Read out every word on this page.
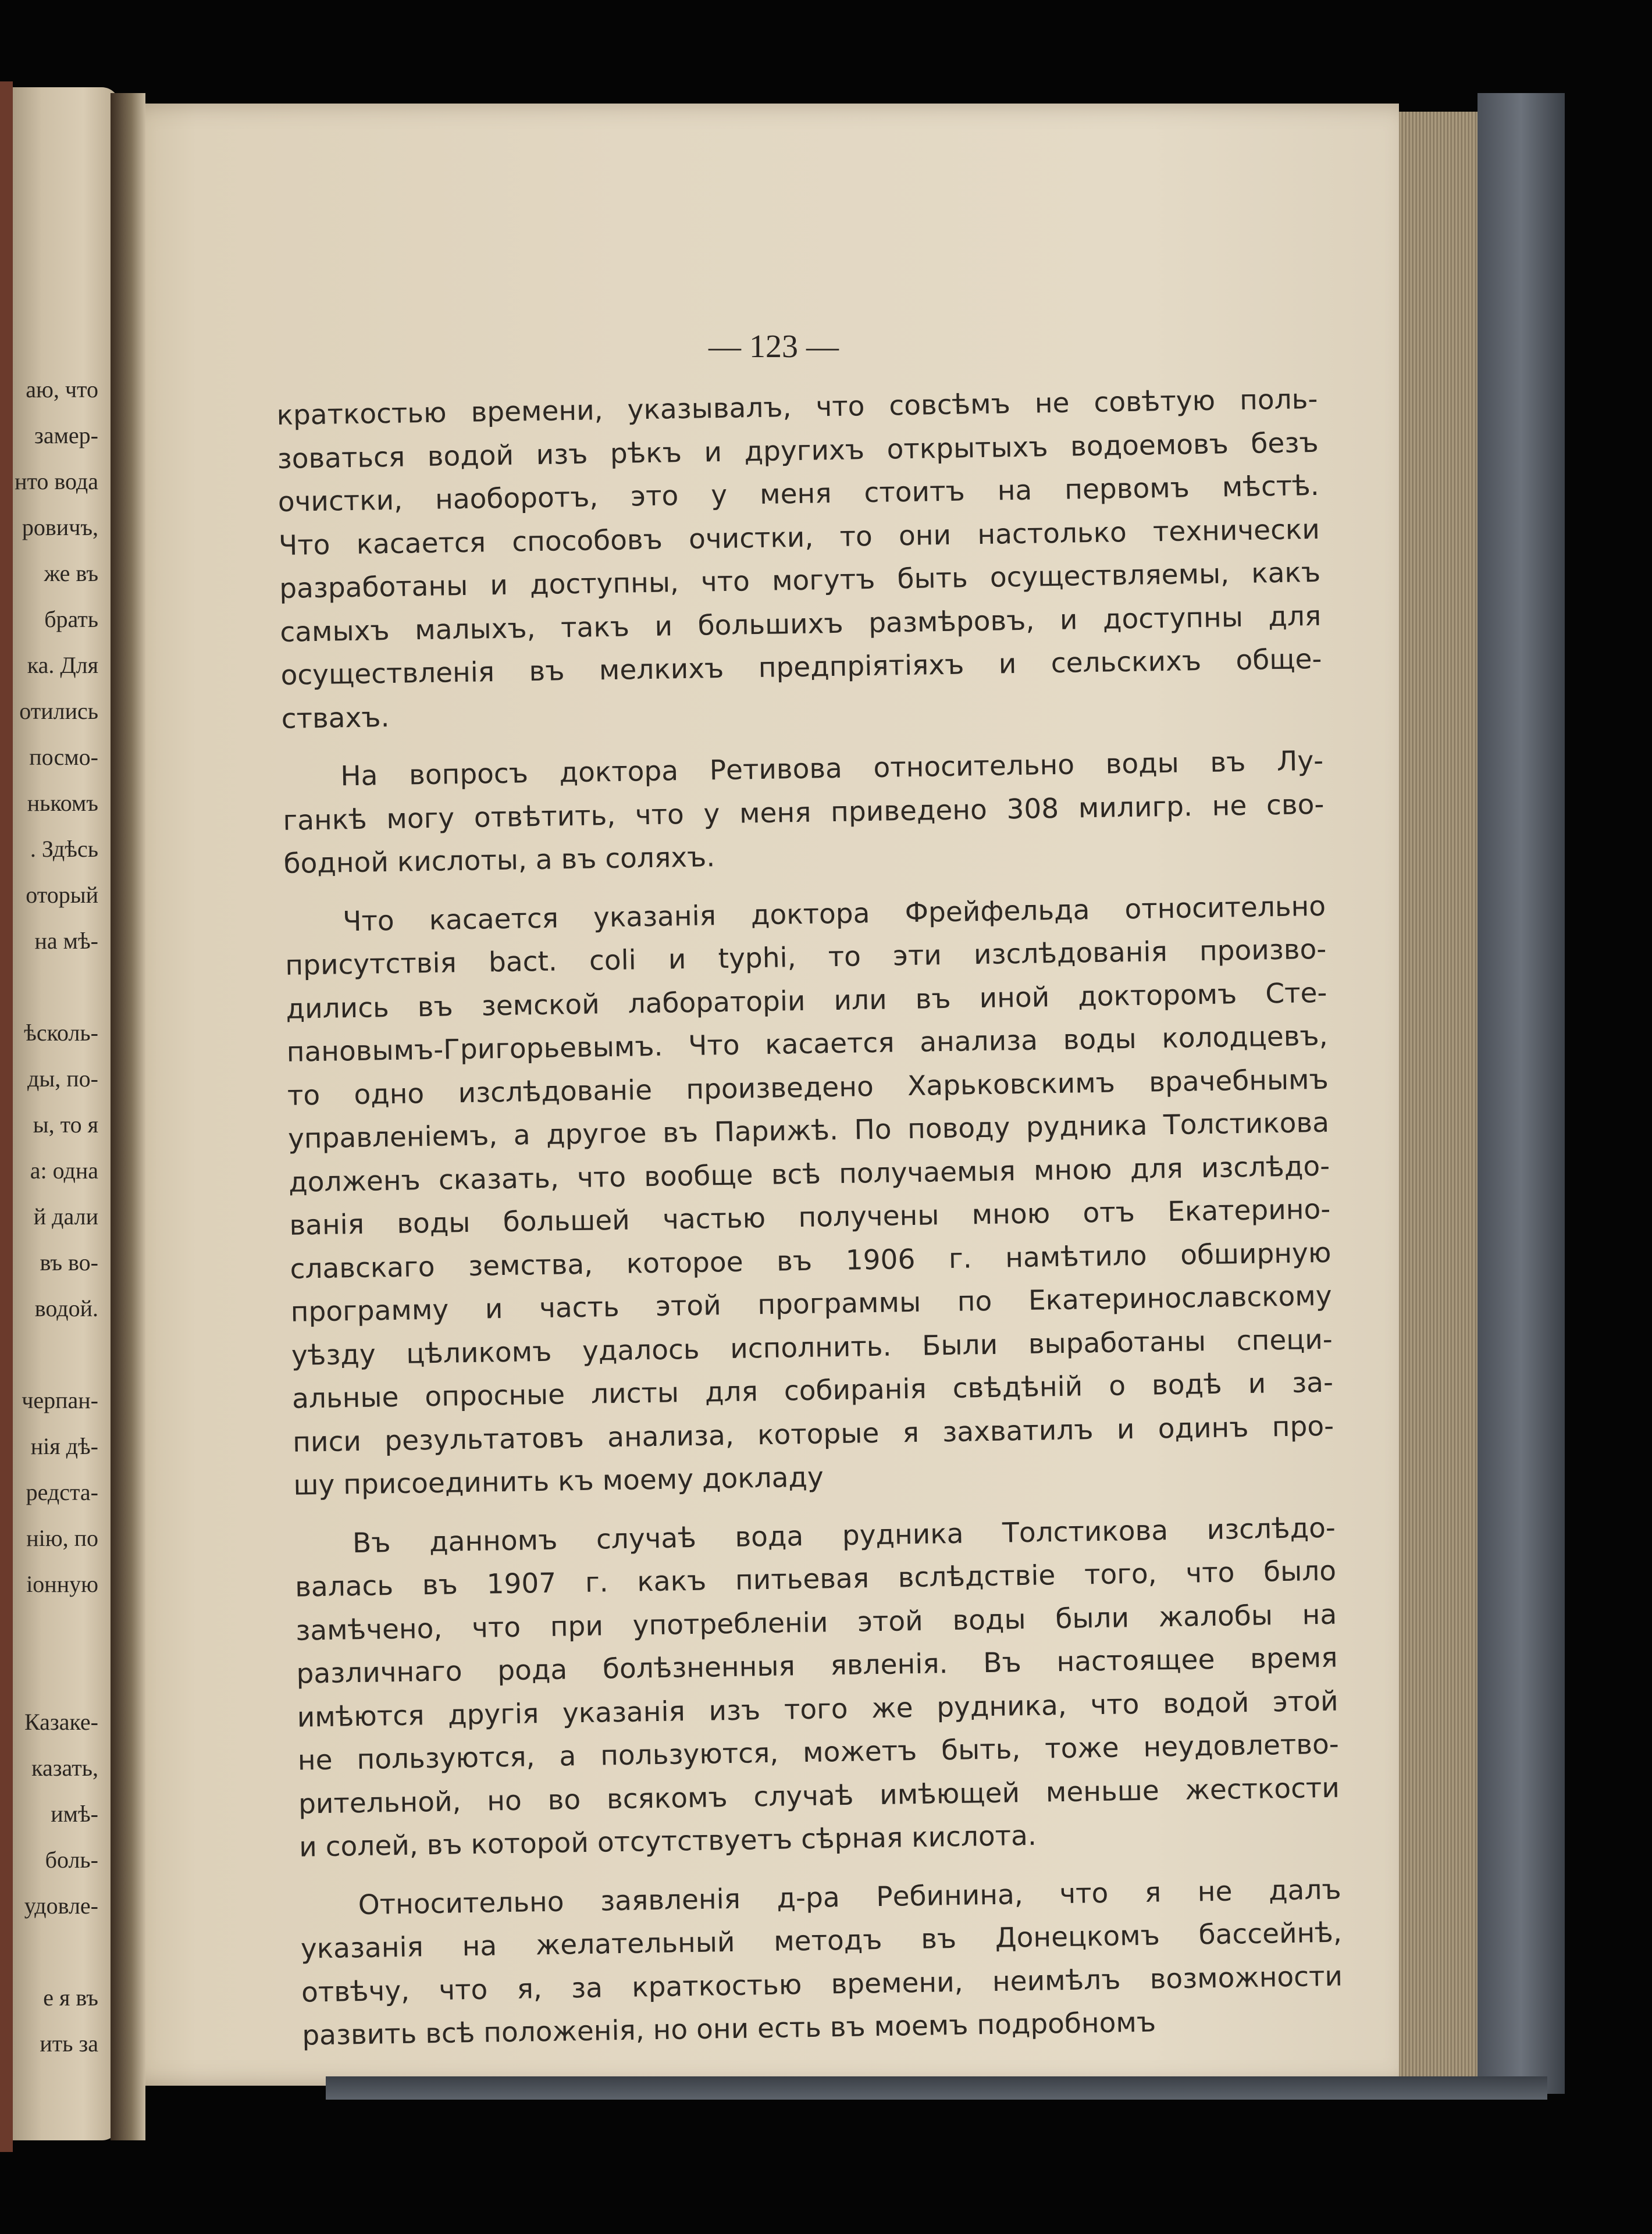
аю, что
замер-
нто вода
ровичъ,
же въ
брать
ка. Для
отились
посмо-
нькомъ
. Здѣсь
оторый
на мѣ-
ѣсколь-
ды, по-
ы, то я
а: одна
й дали
въ во-
водой.
черпан-
нія дѣ-
редста-
нію, по
іонную
Казаке-
казать,
имѣ-
боль-
удовле-
е я въ
ить за
— 123 —
краткостью времени, указывалъ, что совсѣмъ не совѣтую поль-
зоваться водой изъ рѣкъ и другихъ открытыхъ водоемовъ безъ
очистки, наоборотъ, это у меня стоитъ на первомъ мѣстѣ.
Что касается способовъ очистки, то они настолько технически
разработаны и доступны, что могутъ быть осуществляемы, какъ
самыхъ малыхъ, такъ и большихъ размѣровъ, и доступны для
осуществленія въ мелкихъ предпріятіяхъ и сельскихъ обще-
ствахъ.
На вопросъ доктора Ретивова относительно воды въ Лу-
ганкѣ могу отвѣтить, что у меня приведено 308 милигр. не сво-
бодной кислоты, а въ соляхъ.
Что касается указанія доктора Фрейфельда относительно
присутствія bact. coli и typhi, то эти изслѣдованія произво-
дились въ земской лабораторіи или въ иной докторомъ Сте-
пановымъ-Григорьевымъ. Что касается анализа воды колодцевъ,
то одно изслѣдованіе произведено Харьковскимъ врачебнымъ
управленіемъ, а другое въ Парижѣ. По поводу рудника Толстикова
долженъ сказать, что вообще всѣ получаемыя мною для изслѣдо-
ванія воды большей частью получены мною отъ Екатерино-
славскаго земства, которое въ 1906 г. намѣтило обширную
программу и часть этой программы по Екатеринославскому
уѣзду цѣликомъ удалось исполнить. Были выработаны специ-
альные опросные листы для собиранія свѣдѣній о водѣ и за-
писи результатовъ анализа, которые я захватилъ и одинъ про-
шу присоединить къ моему докладу
Въ данномъ случаѣ вода рудника Толстикова изслѣдо-
валась въ 1907 г. какъ питьевая вслѣдствіе того, что было
замѣчено, что при употребленіи этой воды были жалобы на
различнаго рода болѣзненныя явленія. Въ настоящее время
имѣются другія указанія изъ того же рудника, что водой этой
не пользуются, а пользуются, можетъ быть, тоже неудовлетво-
рительной, но во всякомъ случаѣ имѣющей меньше жесткости
и солей, въ которой отсутствуетъ сѣрная кислота.
Относительно заявленія д-ра Ребинина, что я не далъ
указанія на желательный методъ въ Донецкомъ бассейнѣ,
отвѣчу, что я, за краткостью времени, неимѣлъ возможности
развить всѣ положенія, но они есть въ моемъ подробномъ
